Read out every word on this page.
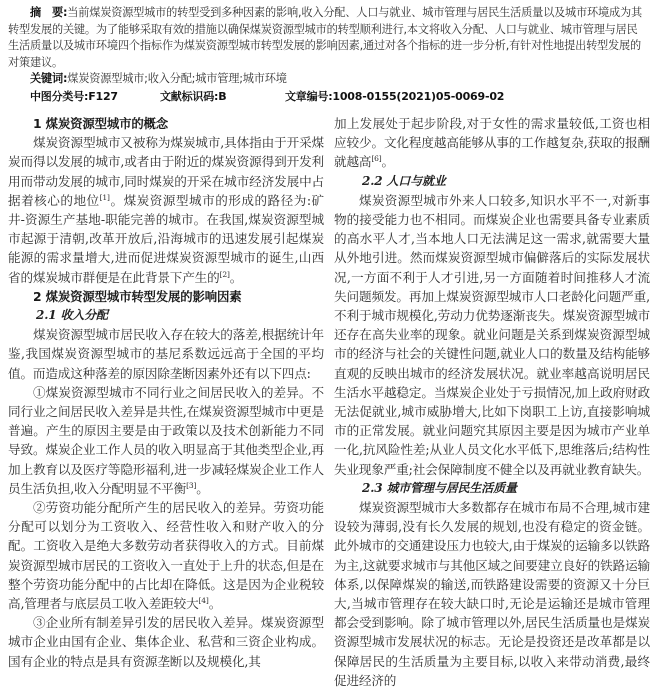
摘　要:当前煤炭资源型城市的转型受到多种因素的影响,收入分配、人口与就业、城市管理与居民生活质量以及城市环境成为其转型发展的关键。为了能够采取有效的措施以确保煤炭资源型城市的转型顺利进行,本文将收入分配、人口与就业、城市管理与居民生活质量以及城市环境四个指标作为煤炭资源型城市转型发展的影响因素,通过对各个指标的进一步分析,有针对性地提出转型发展的对策建议。

关键词:煤炭资源型城市;收入分配;城市管理;城市环境

中图分类号:F127	文献标识码:B	文章编号:1008-0155(2021)05-0069-02

1 煤炭资源型城市的概念

煤炭资源型城市又被称为煤炭城市,具体指由于开采煤炭而得以发展的城市,或者由于附近的煤炭资源得到开发利用而带动发展的城市,同时煤炭的开采在城市经济发展中占据着核心的地位[1]。煤炭资源型城市的形成的路径为:矿井-资源生产基地-职能完善的城市。在我国,煤炭资源型城市起源于清朝,改革开放后,沿海城市的迅速发展引起煤炭能源的需求量增大,进而促进煤炭资源型城市的诞生,山西省的煤炭城市群便是在此背景下产生的[2]。

2 煤炭资源型城市转型发展的影响因素

2.1 收入分配

煤炭资源型城市居民收入存在较大的落差,根据统计年鉴,我国煤炭资源型城市的基尼系数远远高于全国的平均值。而造成这种落差的原因除垄断因素外还有以下四点:

①煤炭资源型城市不同行业之间居民收入的差异。不同行业之间居民收入差异是共性,在煤炭资源型城市中更是普遍。产生的原因主要是由于政策以及技术创新能力不同导致。煤炭企业工作人员的收入明显高于其他类型企业,再加上教育以及医疗等隐形福利,进一步减轻煤炭企业工作人员生活负担,收入分配明显不平衡[3]。

②劳资功能分配所产生的居民收入的差异。劳资功能分配可以划分为工资收入、经营性收入和财产收入的分配。工资收入是绝大多数劳动者获得收入的方式。目前煤炭资源型城市居民的工资收入一直处于上升的状态,但是在整个劳资功能分配中的占比却在降低。这是因为企业税较高,管理者与底层员工收入差距较大[4]。

③企业所有制差异引发的居民收入差异。煤炭资源型城市企业由国有企业、集体企业、私营和三资企业构成。国有企业的特点是具有资源垄断以及规模化,其

加上发展处于起步阶段,对于女性的需求量较低,工资也相应较少。文化程度越高能够从事的工作越复杂,获取的报酬就越高[6]。

2.2 人口与就业

煤炭资源型城市外来人口较多,知识水平不一,对新事物的接受能力也不相同。而煤炭企业也需要具备专业素质的高水平人才,当本地人口无法满足这一需求,就需要大量从外地引进。然而煤炭资源型城市偏僻落后的实际发展状况,一方面不利于人才引进,另一方面随着时间推移人才流失问题频发。再加上煤炭资源型城市人口老龄化问题严重,不利于城市规模化,劳动力优势逐渐丧失。煤炭资源型城市还存在高失业率的现象。就业问题是关系到煤炭资源型城市的经济与社会的关键性问题,就业人口的数量及结构能够直观的反映出城市的经济发展状况。就业率越高说明居民生活水平越稳定。当煤炭企业处于亏损情况,加上政府财政无法促就业,城市威胁增大,比如下岗职工上访,直接影响城市的正常发展。就业问题究其原因主要是因为城市产业单一化,抗风险性差;从业人员文化水平低下,思维落后;结构性失业现象严重;社会保障制度不健全以及再就业教育缺失。

2.3 城市管理与居民生活质量

煤炭资源型城市大多数都存在城市布局不合理,城市建设较为薄弱,没有长久发展的规划,也没有稳定的资金链。此外城市的交通建设压力也较大,由于煤炭的运输多以铁路为主,这就要求城市与其他区域之间要建立良好的铁路运输体系,以保障煤炭的输送,而铁路建设需要的资源又十分巨大,当城市管理存在较大缺口时,无论是运输还是城市管理都会受到影响。除了城市管理以外,居民生活质量也是煤炭资源型城市发展状况的标志。无论是投资还是改革都是以保障居民的生活质量为主要目标,以收入来带动消费,最终促进经济的
